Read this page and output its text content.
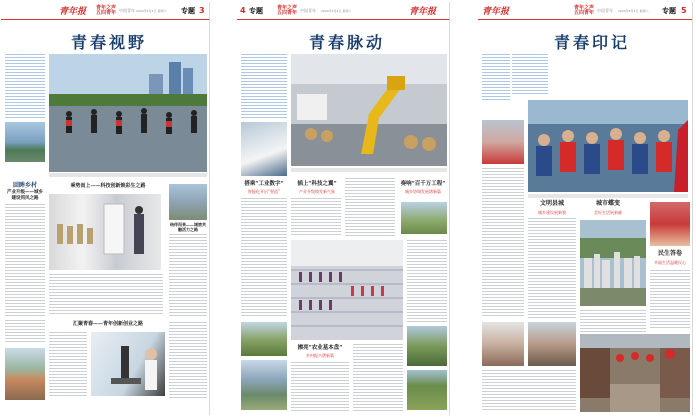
青年报 青年之声 五四青年 中国青年 2024年5月4日 星期六 专题 3
青春视野
回眸乡村
产业升级——城乡建设同风之路
乘势而上——科技创新焕彩生之路
结伴而来——城旅共融活力之路
汇聚青春——青年创新创业之路
4 专题	青年之声 五四青年 中国青年 2024年5月4日 星期六	青年报
青春脉动
搭乘“工业数字”
智能化开启“智造”
插上“科技之翼”
产业升级焕发新气象
奏响“百千万工程”
城乡协调发展谱新篇
擦亮“农业基本盘”
乡村振兴谱新篇
青年报	青年之声 五四青年 中国青年 2024年5月4日 星期六 专题 5
青春印记
文明县城
城乡建设展新貌
城市蝶变
美好生活展新颜
民生答卷
幸福生活温暖民心
